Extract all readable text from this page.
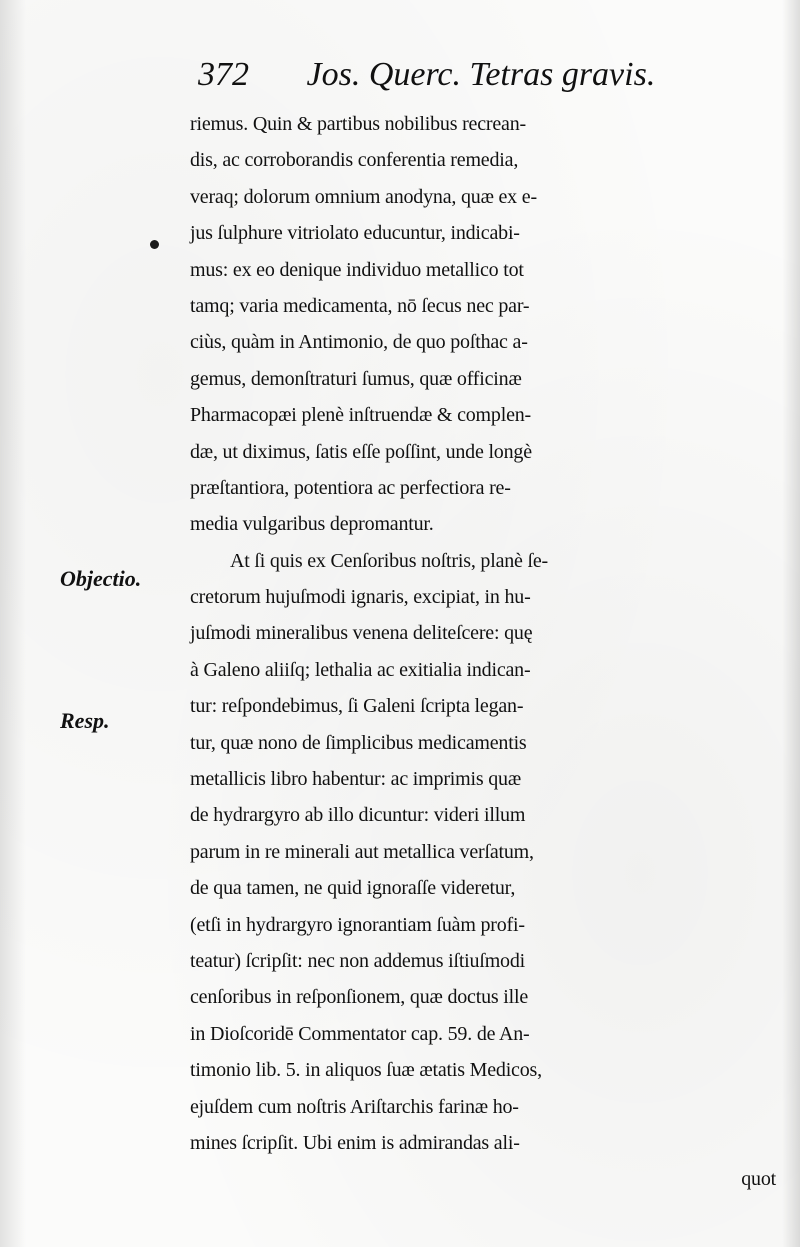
372 Jos. Querc. Tetras gravis.
Objectio.
Resp.
riemus. Quin & partibus nobilibus recrean-
dis, ac corroborandis conferentia remedia,
veraq; dolorum omnium anodyna, quæ ex e-
jus ſulphure vitriolato educuntur, indicabi-
mus: ex eo denique individuo metallico tot
tamq; varia medicamenta, nō ſecus nec par-
ciùs, quàm in Antimonio, de quo poſthac a-
gemus, demonſtraturi ſumus, quæ officinæ
Pharmacopæi plenè inſtruendæ & complen-
dæ, ut diximus, ſatis eſſe poſſint, unde longè
præſtantiora, potentiora ac perfectiora re-
media vulgaribus depromantur.
At ſi quis ex Cenſoribus noſtris, planè ſe-
cretorum hujuſmodi ignaris, excipiat, in hu-
juſmodi mineralibus venena deliteſcere: quę
à Galeno aliiſq; lethalia ac exitialia indican-
tur: reſpondebimus, ſi Galeni ſcripta legan-
tur, quæ nono de ſimplicibus medicamentis
metallicis libro habentur: ac imprimis quæ
de hydrargyro ab illo dicuntur: videri illum
parum in re minerali aut metallica verſatum,
de qua tamen, ne quid ignoraſſe videretur,
(etſi in hydrargyro ignorantiam ſuàm profi-
teatur) ſcripſit: nec non addemus iſtiuſmodi
cenſoribus in reſponſionem, quæ doctus ille
in Dioſcoridē Commentator cap. 59. de An-
timonio lib. 5. in aliquos ſuæ ætatis Medicos,
ejuſdem cum noſtris Ariſtarchis farinæ ho-
mines ſcripſit. Ubi enim is admirandas ali-
quot
